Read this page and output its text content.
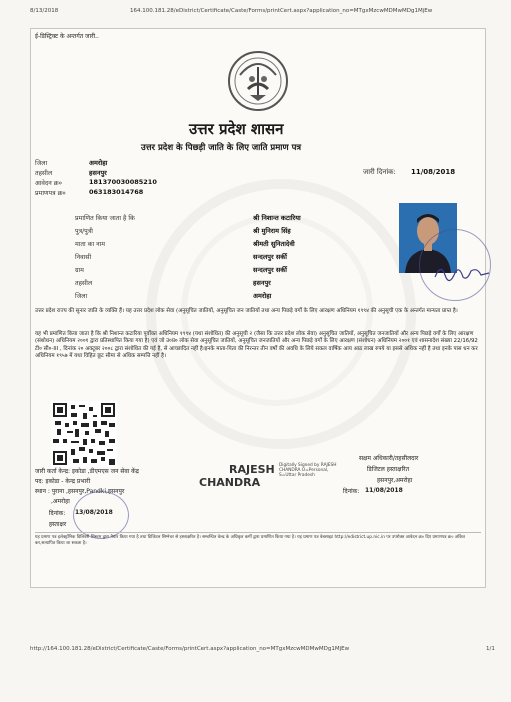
8/13/2018	164.100.181.28/eDistrict/Certificate/Caste/Forms/printCert.aspx?application_no=MTgxMzcwMDMwMDg1MjEw
ई-डिस्ट्रिक्ट के अन्तर्गत जारी..
उत्तर प्रदेश शासन
उत्तर प्रदेश के पिछड़ी जाति के लिए जाति प्रमाण पत्र
जिला	अमरोहा
तहसील	हसनपुर
आवेदन क्र०	181370030085210
प्रमाणपत्र क्र०	063183014768
जारी दिनांक: 11/08/2018
प्रमाणित किया जाता है कि	श्री निशान्त कटारिया
पुत्र/पुत्री	श्री मुनिराम सिंह
माता का नाम	श्रीमती सुनितादेवी
निवासी	सन्दलपुर सर्की
ग्राम	सन्दलपुर सर्की
तहसील	हसनपुर
जिला	अमरोहा
उत्तर प्रदेश राज्य की सुनार जाति के व्यक्ति हैं। यह उत्तर प्रदेश लोक सेवा (अनुसूचित जातियों, अनुसूचित जन जातियों तथा अन्य पिछड़े वर्गों के लिए आरक्षण अधिनियम १९९४ की अनुसूची एक के अन्तर्गत मान्यता प्राप्त है।
यह भी प्रमाणित किया जाता है कि श्री निशान्त कटारिया पूर्वोक्त अधिनियम १९९४ (यथा संशोधित) की अनुसूची २ (जैसा कि उत्तर प्रदेश लोक सेवा) अनुसूचित जातियों, अनुसूचित जनजातियों और अन्य पिछड़े वर्गों के लिए आरक्षण (संशोधन) अधिनियम २००१ द्वारा प्रतिस्थापित किया गया है) एवं जो उ०प्र० लोक सेवा अनुसूचित जातियों, अनुसूचित जनजातियों और अन्य पिछड़े वर्गों के लिए आरक्षण (संशोधन) अधिनियम २००१ एवं शासनादेश संख्या 22/16/92 टी० सी०-III , दिनांक २० अक्टूबर २००८ द्वारा संशोधित की गई है, से आच्छादित नहीं है।इनके माता-पिता की निरन्तर तीन वर्षों की अवधि के लिये सकल वार्षिक आय आठ लाख रुपये या इससे अधिक नहीं है तथा इनके पास धन कर अधिनियम १९५७ में यथा विहित छूट सीमा से अधिक सम्पत्ति नहीं है।
जारी कर्ता केन्द्र: इकोडा ,डीएमएस जन सेवा केंद्र
पद: इकोडा - केन्द्र प्रभारी
स्थान : पुराना ,हसनपुर,Pandki,हसनपुर
,अमरोहा
दिनांक: 13/08/2018
हस्ताक्षर
RAJESH
CHANDRA
Digitally Signed by RAJESH CHANDRA O=Personal, S=Uttar Pradesh
सक्षम अधिकारी/तहसीलदार
डिजिटल हस्ताक्षरित
हसनपुर,अमरोहा
दिनांक: 11/08/2018
यह प्रमाण पत्र इलेक्ट्रॉनिक डिलिवरी सिस्टम द्वारा तैयार किया गया है तथा डिजिटल सिग्नेचर से हस्ताक्षरित है। सम्बन्धित केन्द्र के अधिकृत कर्मी द्वारा प्रमाणित किया गया है। यह प्रमाण पत्र वेबसाइट http://edistrict.up.nic.in पर उपरोक्त आवेदन क्र० दिए प्रमाणपत्र क्र० अंकित कर,सत्यापित किया जा सकता है।
http://164.100.181.28/eDistrict/Certificate/Caste/Forms/printCert.aspx?application_no=MTgxMzcwMDMwMDg1MjEw	1/1
